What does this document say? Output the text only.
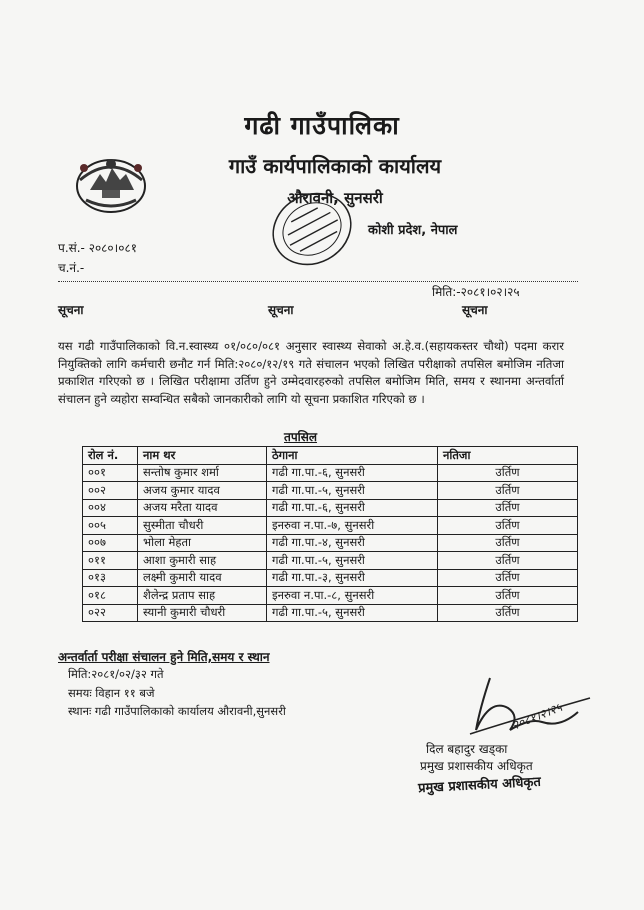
गढी गाउँपालिका
गाउँ कार्यपालिकाको कार्यालय
औरावनी, सुनसरी
कोशी प्रदेश, नेपाल
प.सं.- २०८०।०८१
च.नं.-
मिति:-२०८१।०२।२५
सूचना	सूचना	सूचना
यस गढी गाउँपालिकाको वि.न.स्वास्थ्य ०१/०८०/०८१ अनुसार स्वास्थ्य सेवाको अ.हे.व.(सहायकस्तर चौथो) पदमा करार नियुक्तिको लागि कर्मचारी छनौट गर्न मिति:२०८०/१२/१९ गते संचालन भएको लिखित परीक्षाको तपसिल बमोजिम नतिजा प्रकाशित गरिएको छ । लिखित परीक्षामा उर्तिण हुने उम्मेदवारहरुको तपसिल बमोजिम मिति, समय र स्थानमा अन्तर्वार्ता संचालन हुने व्यहोरा सम्वन्धित सबैको जानकारीको लागि यो सूचना प्रकाशित गरिएको छ ।
तपसिल
रोल नं.	नाम थर	ठेगाना	नतिजा
००१	सन्तोष कुमार शर्मा	गढी गा.पा.-६, सुनसरी	उर्तिण
००२	अजय कुमार यादव	गढी गा.पा.-५, सुनसरी	उर्तिण
००४	अजय मरैता यादव	गढी गा.पा.-६, सुनसरी	उर्तिण
००५	सुस्मीता चौधरी	इनरुवा न.पा.-७, सुनसरी	उर्तिण
००७	भोला मेहता	गढी गा.पा.-४, सुनसरी	उर्तिण
०११	आशा कुमारी साह	गढी गा.पा.-५, सुनसरी	उर्तिण
०१३	लक्ष्मी कुमारी यादव	गढी गा.पा.-३, सुनसरी	उर्तिण
०१८	शैलेन्द्र प्रताप साह	इनरुवा न.पा.-८, सुनसरी	उर्तिण
०२२	स्यानी कुमारी चौधरी	गढी गा.पा.-५, सुनसरी	उर्तिण
अन्तर्वार्ता परीक्षा संचालन हुने मिति,समय र स्थान
मिति:२०८१/०२/३२ गते
समयः विहान ११ बजे
स्थानः गढी गाउँपालिकाको कार्यालय औरावनी,सुनसरी	२०८१।२।२५
दिल बहादुर खड्का
प्रमुख प्रशासकीय अधिकृत
प्रमुख प्रशासकीय अधिकृत
